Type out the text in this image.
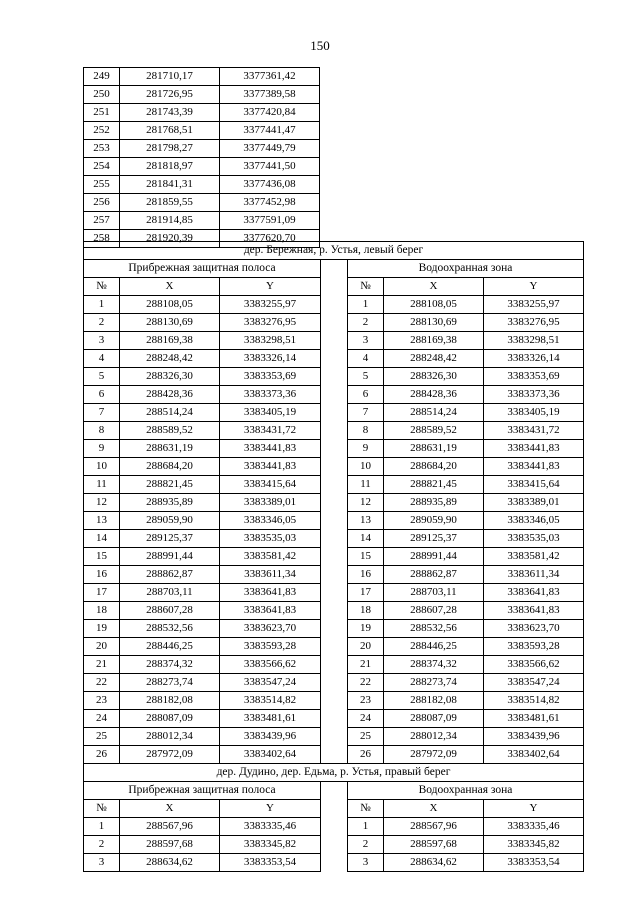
150
249	281710,17	3377361,42
250	281726,95	3377389,58
251	281743,39	3377420,84
252	281768,51	3377441,47
253	281798,27	3377449,79
254	281818,97	3377441,50
255	281841,31	3377436,08
256	281859,55	3377452,98
257	281914,85	3377591,09
258	281920,39	3377620,70
дер. Бережная, р. Устья, левый берег						
Прибрежная защитная полоса				Водоохранная зона		
№	X	Y		№	X	Y
1	288108,05	3383255,97		1	288108,05	3383255,97
2	288130,69	3383276,95		2	288130,69	3383276,95
3	288169,38	3383298,51		3	288169,38	3383298,51
4	288248,42	3383326,14		4	288248,42	3383326,14
5	288326,30	3383353,69		5	288326,30	3383353,69
6	288428,36	3383373,36		6	288428,36	3383373,36
7	288514,24	3383405,19		7	288514,24	3383405,19
8	288589,52	3383431,72		8	288589,52	3383431,72
9	288631,19	3383441,83		9	288631,19	3383441,83
10	288684,20	3383441,83		10	288684,20	3383441,83
11	288821,45	3383415,64		11	288821,45	3383415,64
12	288935,89	3383389,01		12	288935,89	3383389,01
13	289059,90	3383346,05		13	289059,90	3383346,05
14	289125,37	3383535,03		14	289125,37	3383535,03
15	288991,44	3383581,42		15	288991,44	3383581,42
16	288862,87	3383611,34		16	288862,87	3383611,34
17	288703,11	3383641,83		17	288703,11	3383641,83
18	288607,28	3383641,83		18	288607,28	3383641,83
19	288532,56	3383623,70		19	288532,56	3383623,70
20	288446,25	3383593,28		20	288446,25	3383593,28
21	288374,32	3383566,62		21	288374,32	3383566,62
22	288273,74	3383547,24		22	288273,74	3383547,24
23	288182,08	3383514,82		23	288182,08	3383514,82
24	288087,09	3383481,61		24	288087,09	3383481,61
25	288012,34	3383439,96		25	288012,34	3383439,96
26	287972,09	3383402,64		26	287972,09	3383402,64
дер. Дудино, дер. Едьма, р. Устья, правый берег						
Прибрежная защитная полоса				Водоохранная зона		
№	X	Y		№	X	Y
1	288567,96	3383335,46		1	288567,96	3383335,46
2	288597,68	3383345,82		2	288597,68	3383345,82
3	288634,62	3383353,54		3	288634,62	3383353,54
